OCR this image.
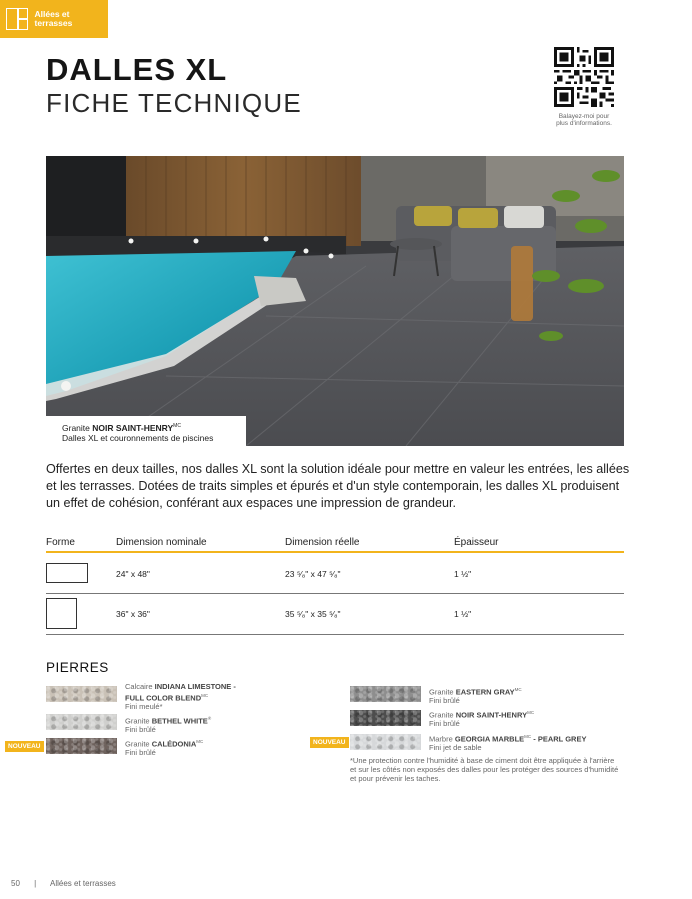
Allées et terrasses
DALLES XL
FICHE TECHNIQUE	Balayez-moi pour plus d'informations.
Granite NOIR SAINT-$HENRY^{MC}$
Dalles XL et couronnements de piscines
Offertes en deux tailles, nos dalles XL sont la solution idéale pour mettre en valeur les entrées, les allées et les terrasses. Dotées de traits simples et épurés et d'un style contemporain, les dalles XL produisent un effet de cohésion, conférant aux espaces une impression de grandeur.
Forme	Dimension nominale	Dimension réelle	Épaisseur
24" x 48"	23 ⁵⁄₈" x 47 ⁵⁄₈"	1 ½"
36" x 36"	35 ⁵⁄₈" x 35 ⁵⁄₈"	1 ½"
PIERRES
Calcaire INDIANA LIMESTONE - FULL COLOR $BLEND^{MC}$
Fini meulé*
Granite BETHEL WHITE®
Fini brûlé
NOUVEAU	Granite $CALÉDONIA^{MC}$
Fini brûlé
Granite EASTERN $GRAY^{MC}$
Fini brûlé
Granite NOIR SAINT-$HENRY^{MC}$
Fini brûlé
NOUVEAU	Marbre GEORGIA $MARBLE^{MC}$ - PEARL GREY
Fini jet de sable
*Une protection contre l'humidité à base de ciment doit être appliquée à l'arrière et sur les côtés non exposés des dalles pour les protéger des sources d'humidité et pour prévenir les taches.
50 | Allées et terrasses
